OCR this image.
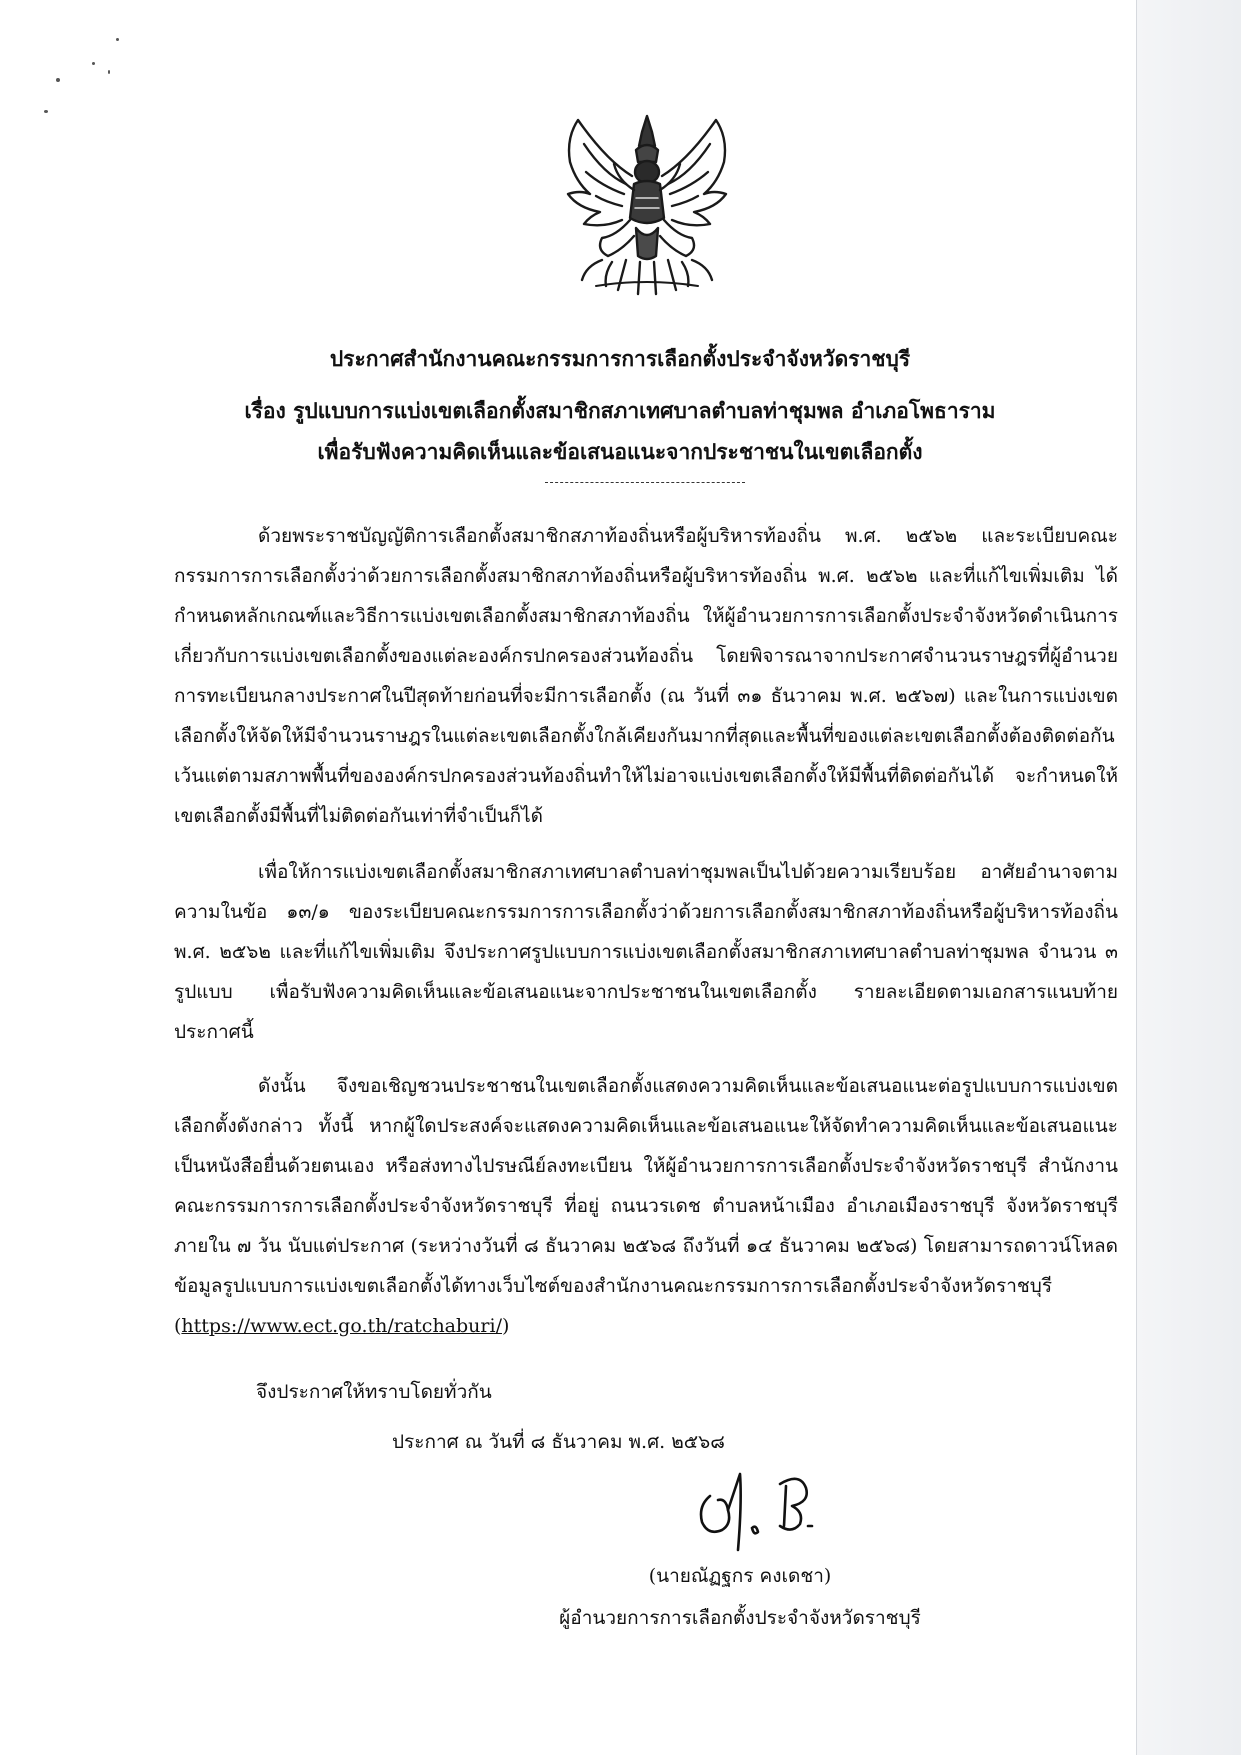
ประกาศสำนักงานคณะกรรมการการเลือกตั้งประจำจังหวัดราชบุรี
เรื่อง รูปแบบการแบ่งเขตเลือกตั้งสมาชิกสภาเทศบาลตำบลท่าชุมพล อำเภอโพธาราม
เพื่อรับฟังความคิดเห็นและข้อเสนอแนะจากประชาชนในเขตเลือกตั้ง
ด้วยพระราชบัญญัติการเลือกตั้งสมาชิกสภาท้องถิ่นหรือผู้บริหารท้องถิ่น พ.ศ. ๒๕๖๒ และระเบียบคณะกรรมการการเลือกตั้งว่าด้วยการเลือกตั้งสมาชิกสภาท้องถิ่นหรือผู้บริหารท้องถิ่น พ.ศ. ๒๕๖๒ และที่แก้ไขเพิ่มเติม ได้กำหนดหลักเกณฑ์และวิธีการแบ่งเขตเลือกตั้งสมาชิกสภาท้องถิ่น ให้ผู้อำนวยการการเลือกตั้งประจำจังหวัดดำเนินการเกี่ยวกับการแบ่งเขตเลือกตั้งของแต่ละองค์กรปกครองส่วนท้องถิ่น โดยพิจารณาจากประกาศจำนวนราษฎรที่ผู้อำนวยการทะเบียนกลางประกาศในปีสุดท้ายก่อนที่จะมีการเลือกตั้ง (ณ วันที่ ๓๑ ธันวาคม พ.ศ. ๒๕๖๗) และในการแบ่งเขตเลือกตั้งให้จัดให้มีจำนวนราษฎรในแต่ละเขตเลือกตั้งใกล้เคียงกันมากที่สุดและพื้นที่ของแต่ละเขตเลือกตั้งต้องติดต่อกัน เว้นแต่ตามสภาพพื้นที่ขององค์กรปกครองส่วนท้องถิ่นทำให้ไม่อาจแบ่งเขตเลือกตั้งให้มีพื้นที่ติดต่อกันได้ จะกำหนดให้เขตเลือกตั้งมีพื้นที่ไม่ติดต่อกันเท่าที่จำเป็นก็ได้
เพื่อให้การแบ่งเขตเลือกตั้งสมาชิกสภาเทศบาลตำบลท่าชุมพลเป็นไปด้วยความเรียบร้อย อาศัยอำนาจตามความในข้อ ๑๓/๑ ของระเบียบคณะกรรมการการเลือกตั้งว่าด้วยการเลือกตั้งสมาชิกสภาท้องถิ่นหรือผู้บริหารท้องถิ่น พ.ศ. ๒๕๖๒ และที่แก้ไขเพิ่มเติม จึงประกาศรูปแบบการแบ่งเขตเลือกตั้งสมาชิกสภาเทศบาลตำบลท่าชุมพล จำนวน ๓ รูปแบบ เพื่อรับฟังความคิดเห็นและข้อเสนอแนะจากประชาชนในเขตเลือกตั้ง รายละเอียดตามเอกสารแนบท้ายประกาศนี้
ดังนั้น จึงขอเชิญชวนประชาชนในเขตเลือกตั้งแสดงความคิดเห็นและข้อเสนอแนะต่อรูปแบบการแบ่งเขตเลือกตั้งดังกล่าว ทั้งนี้ หากผู้ใดประสงค์จะแสดงความคิดเห็นและข้อเสนอแนะให้จัดทำความคิดเห็นและข้อเสนอแนะเป็นหนังสือยื่นด้วยตนเอง หรือส่งทางไปรษณีย์ลงทะเบียน ให้ผู้อำนวยการการเลือกตั้งประจำจังหวัดราชบุรี สำนักงานคณะกรรมการการเลือกตั้งประจำจังหวัดราชบุรี ที่อยู่ ถนนวรเดช ตำบลหน้าเมือง อำเภอเมืองราชบุรี จังหวัดราชบุรี ภายใน ๗ วัน นับแต่ประกาศ (ระหว่างวันที่ ๘ ธันวาคม ๒๕๖๘ ถึงวันที่ ๑๔ ธันวาคม ๒๕๖๘) โดยสามารถดาวน์โหลดข้อมูลรูปแบบการแบ่งเขตเลือกตั้งได้ทางเว็บไซต์ของสำนักงานคณะกรรมการการเลือกตั้งประจำจังหวัดราชบุรี (https://www.ect.go.th/ratchaburi/)
จึงประกาศให้ทราบโดยทั่วกัน
ประกาศ ณ วันที่ ๘ ธันวาคม พ.ศ. ๒๕๖๘
(นายณัฏฐกร คงเดชา)
ผู้อำนวยการการเลือกตั้งประจำจังหวัดราชบุรี
